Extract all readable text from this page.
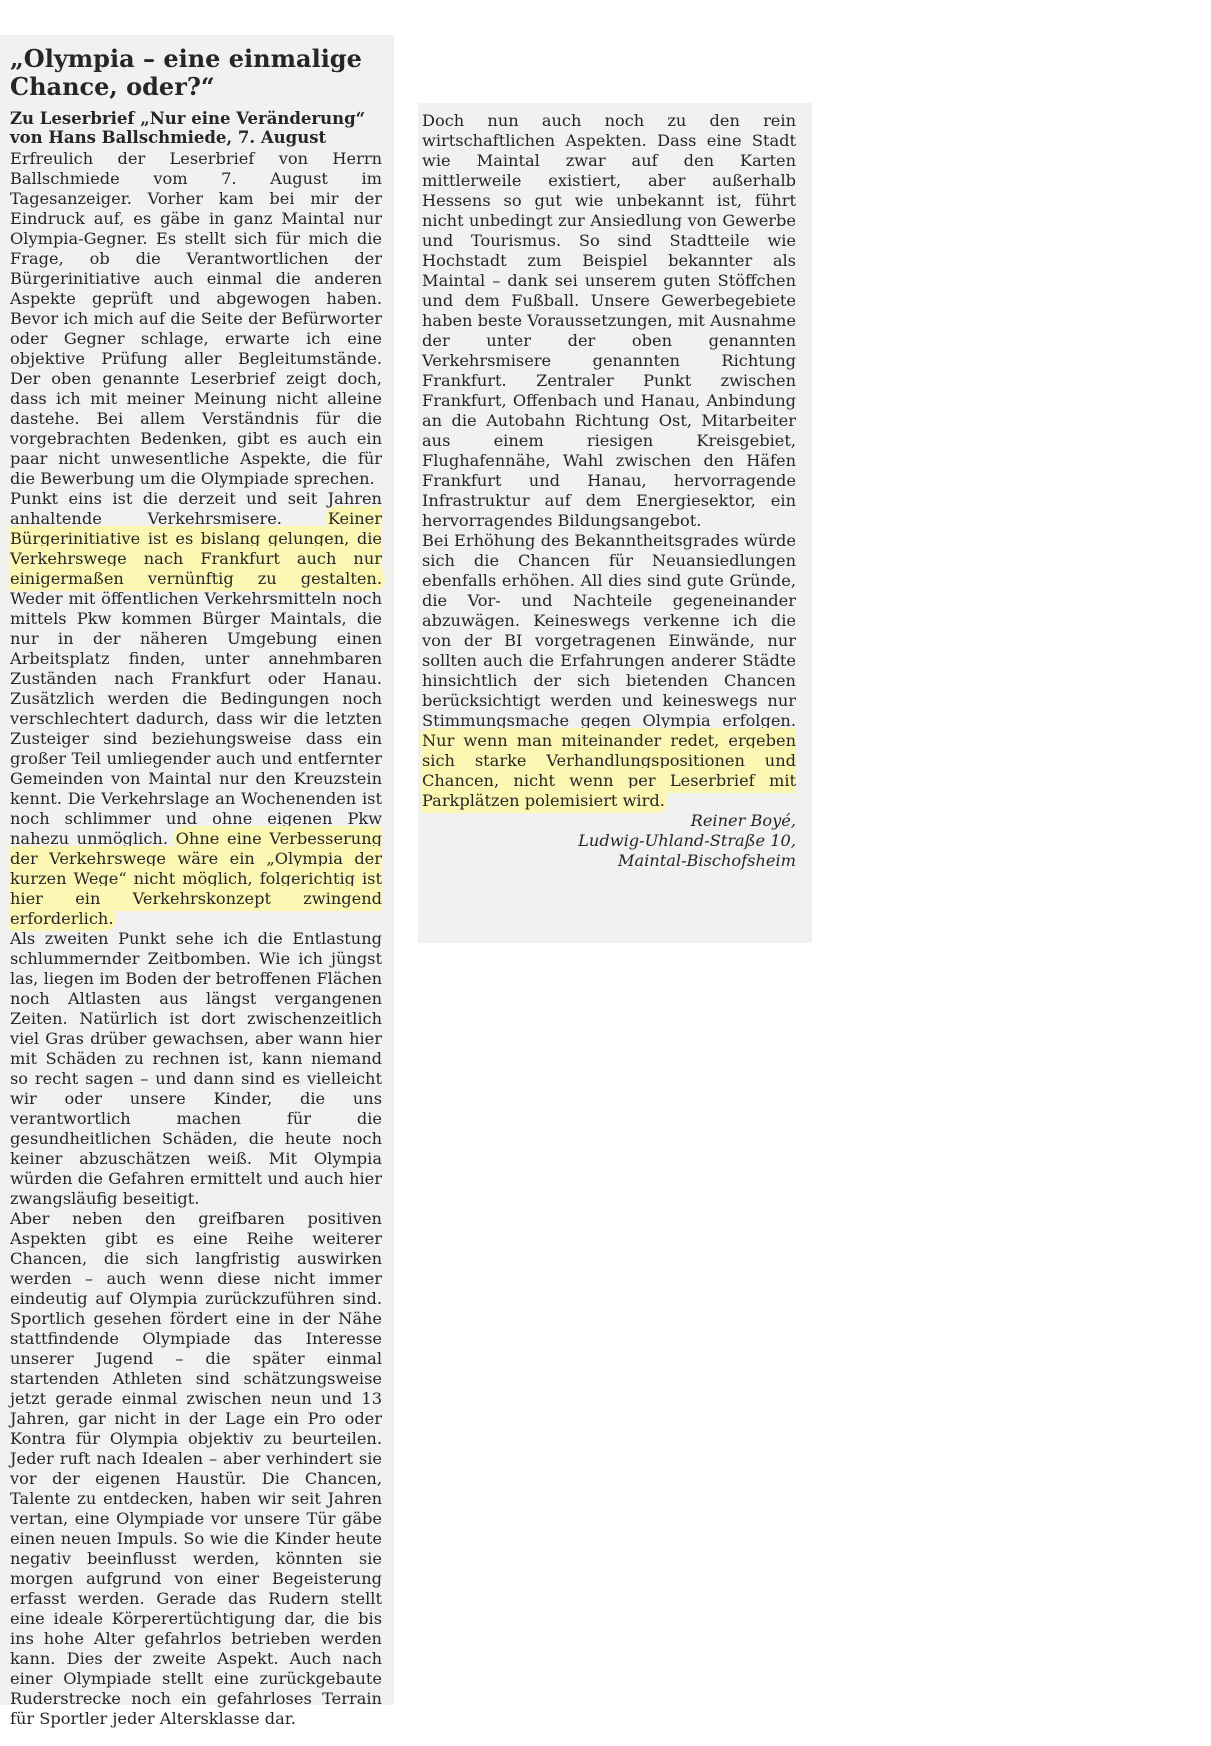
„Olympia – eine einmalige Chance, oder?“
Zu Leserbrief „Nur eine Veränderung“ von Hans Ballschmiede, 7. August

Erfreulich der Leserbrief von Herrn Ballschmiede vom 7. August im Tagesanzeiger. Vorher kam bei mir der Eindruck auf, es gäbe in ganz Maintal nur Olympia-Gegner. Es stellt sich für mich die Frage, ob die Verantwortlichen der Bürgerinitiative auch einmal die anderen Aspekte geprüft und abgewogen haben. Bevor ich mich auf die Seite der Befürworter oder Gegner schlage, erwarte ich eine objektive Prüfung aller Begleitumstände. Der oben genannte Leserbrief zeigt doch, dass ich mit meiner Meinung nicht alleine dastehe. Bei allem Verständnis für die vorgebrachten Bedenken, gibt es auch ein paar nicht unwesentliche Aspekte, die für die Bewerbung um die Olympiade sprechen.

Punkt eins ist die derzeit und seit Jahren anhaltende Verkehrsmisere.	Keiner Bürgerinitiative ist es bislang gelungen, die Verkehrswege nach Frankfurt auch nur einigermaßen vernünftig zu gestalten. Weder mit öffentlichen Verkehrsmitteln noch mittels Pkw kommen Bürger Maintals, die nur in der näheren Umgebung einen Arbeitsplatz finden, unter annehmbaren Zuständen nach Frankfurt oder Hanau. Zusätzlich werden die Bedingungen noch verschlechtert dadurch, dass wir die letzten Zusteiger sind beziehungsweise dass ein großer Teil umliegender auch und entfernter Gemeinden von Maintal nur den Kreuzstein kennt. Die Verkehrslage an Wochenenden ist noch schlimmer und ohne eigenen Pkw nahezu unmöglich. Ohne eine Verbesserung der Verkehrswege wäre ein „Olympia der kurzen Wege“ nicht möglich, folgerichtig ist hier ein Verkehrskonzept zwingend erforderlich.

Als zweiten Punkt sehe ich die Entlastung schlummernder Zeitbomben. Wie ich jüngst las, liegen im Boden der betroffenen Flächen noch Altlasten aus längst vergangenen Zeiten. Natürlich ist dort zwischenzeitlich viel Gras drüber gewachsen, aber wann hier mit Schäden zu rechnen ist, kann niemand so recht sagen – und dann sind es vielleicht wir oder unsere Kinder, die uns verantwortlich machen für die gesundheitlichen Schäden, die heute noch keiner abzuschätzen weiß. Mit Olympia würden die Gefahren ermittelt und auch hier zwangsläufig beseitigt.

Aber neben den greifbaren positiven Aspekten gibt es eine Reihe weiterer Chancen, die sich langfristig auswirken werden – auch wenn diese nicht immer eindeutig auf Olympia zurückzuführen sind. Sportlich gesehen fördert eine in der Nähe stattfindende Olympiade das Interesse unserer Jugend – die später einmal startenden Athleten sind schätzungsweise jetzt gerade einmal zwischen neun und 13 Jahren, gar nicht in der Lage ein Pro oder Kontra für Olympia objektiv zu beurteilen. Jeder ruft nach Idealen – aber verhindert sie vor der eigenen Haustür. Die Chancen, Talente zu entdecken, haben wir seit Jahren vertan, eine Olympiade vor unsere Tür gäbe einen neuen Impuls. So wie die Kinder heute negativ beeinflusst werden, könnten sie morgen aufgrund von einer Begeisterung erfasst werden. Gerade das Rudern stellt eine ideale Körperertüchtigung dar, die bis ins hohe Alter gefahrlos betrieben werden kann. Dies der zweite Aspekt. Auch nach einer Olympiade stellt eine zurückgebaute Ruderstrecke noch ein gefahrloses Terrain für Sportler jeder Altersklasse dar.

Doch nun auch noch zu den rein wirtschaftlichen Aspekten. Dass eine Stadt wie Maintal zwar auf den Karten mittlerweile existiert, aber außerhalb Hessens so gut wie unbekannt ist, führt nicht unbedingt zur Ansiedlung von Gewerbe und Tourismus. So sind Stadtteile wie Hochstadt zum Beispiel bekannter als Maintal – dank sei unserem guten Stöffchen und dem Fußball. Unsere Gewerbegebiete haben beste Voraussetzungen, mit Ausnahme der unter der oben genannten Verkehrsmisere genannten Richtung Frankfurt. Zentraler Punkt zwischen Frankfurt, Offenbach und Hanau, Anbindung an die Autobahn Richtung Ost, Mitarbeiter aus einem riesigen Kreisgebiet, Flughafennähe, Wahl zwischen den Häfen Frankfurt und Hanau, hervorragende Infrastruktur auf dem Energiesektor, ein hervorragendes Bildungsangebot.

Bei Erhöhung des Bekanntheitsgrades würde sich die Chancen für Neuansiedlungen ebenfalls erhöhen. All dies sind gute Gründe, die Vor- und Nachteile gegeneinander abzuwägen. Keineswegs verkenne ich die von der BI vorgetragenen Einwände, nur sollten auch die Erfahrungen anderer Städte hinsichtlich der sich bietenden Chancen berücksichtigt werden und keineswegs nur Stimmungsmache gegen Olympia erfolgen. Nur wenn man miteinander redet, ergeben sich starke Verhandlungspositionen und Chancen, nicht wenn per Leserbrief mit Parkplätzen polemisiert wird.

Reiner Boyé,
Ludwig-Uhland-Straße 10,
Maintal-Bischofsheim
